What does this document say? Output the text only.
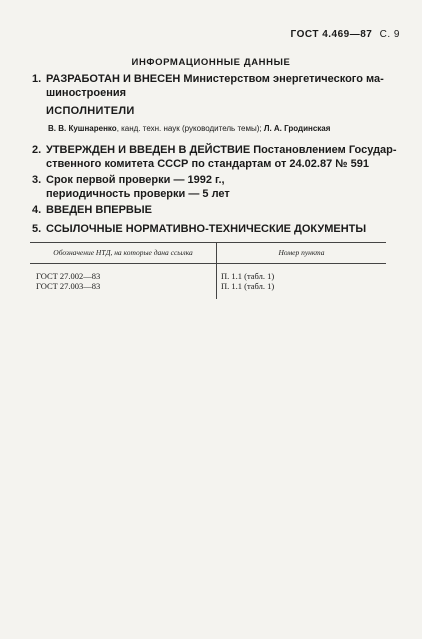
ГОСТ 4.469—87 С. 9
ИНФОРМАЦИОННЫЕ ДАННЫЕ
1. РАЗРАБОТАН И ВНЕСЕН Министерством энергетического ма-
шиностроения
ИСПОЛНИТЕЛИ
В. В. Кушнаренко, канд. техн. наук (руководитель темы); Л. А. Гродинская
2. УТВЕРЖДЕН И ВВЕДЕН В ДЕЙСТВИЕ Постановлением Государ-
ственного комитета СССР по стандартам от 24.02.87 № 591
3. Срок первой проверки — 1992 г.,
периодичность проверки — 5 лет
4. ВВЕДЕН ВПЕРВЫЕ
5. ССЫЛОЧНЫЕ НОРМАТИВНО-ТЕХНИЧЕСКИЕ ДОКУМЕНТЫ
Обозначение НТД, на которые дана ссылка	Номер пункта
ГОСТ 27.002—83	П. 1.1 (табл. 1)
ГОСТ 27.003—83	П. 1.1 (табл. 1)
